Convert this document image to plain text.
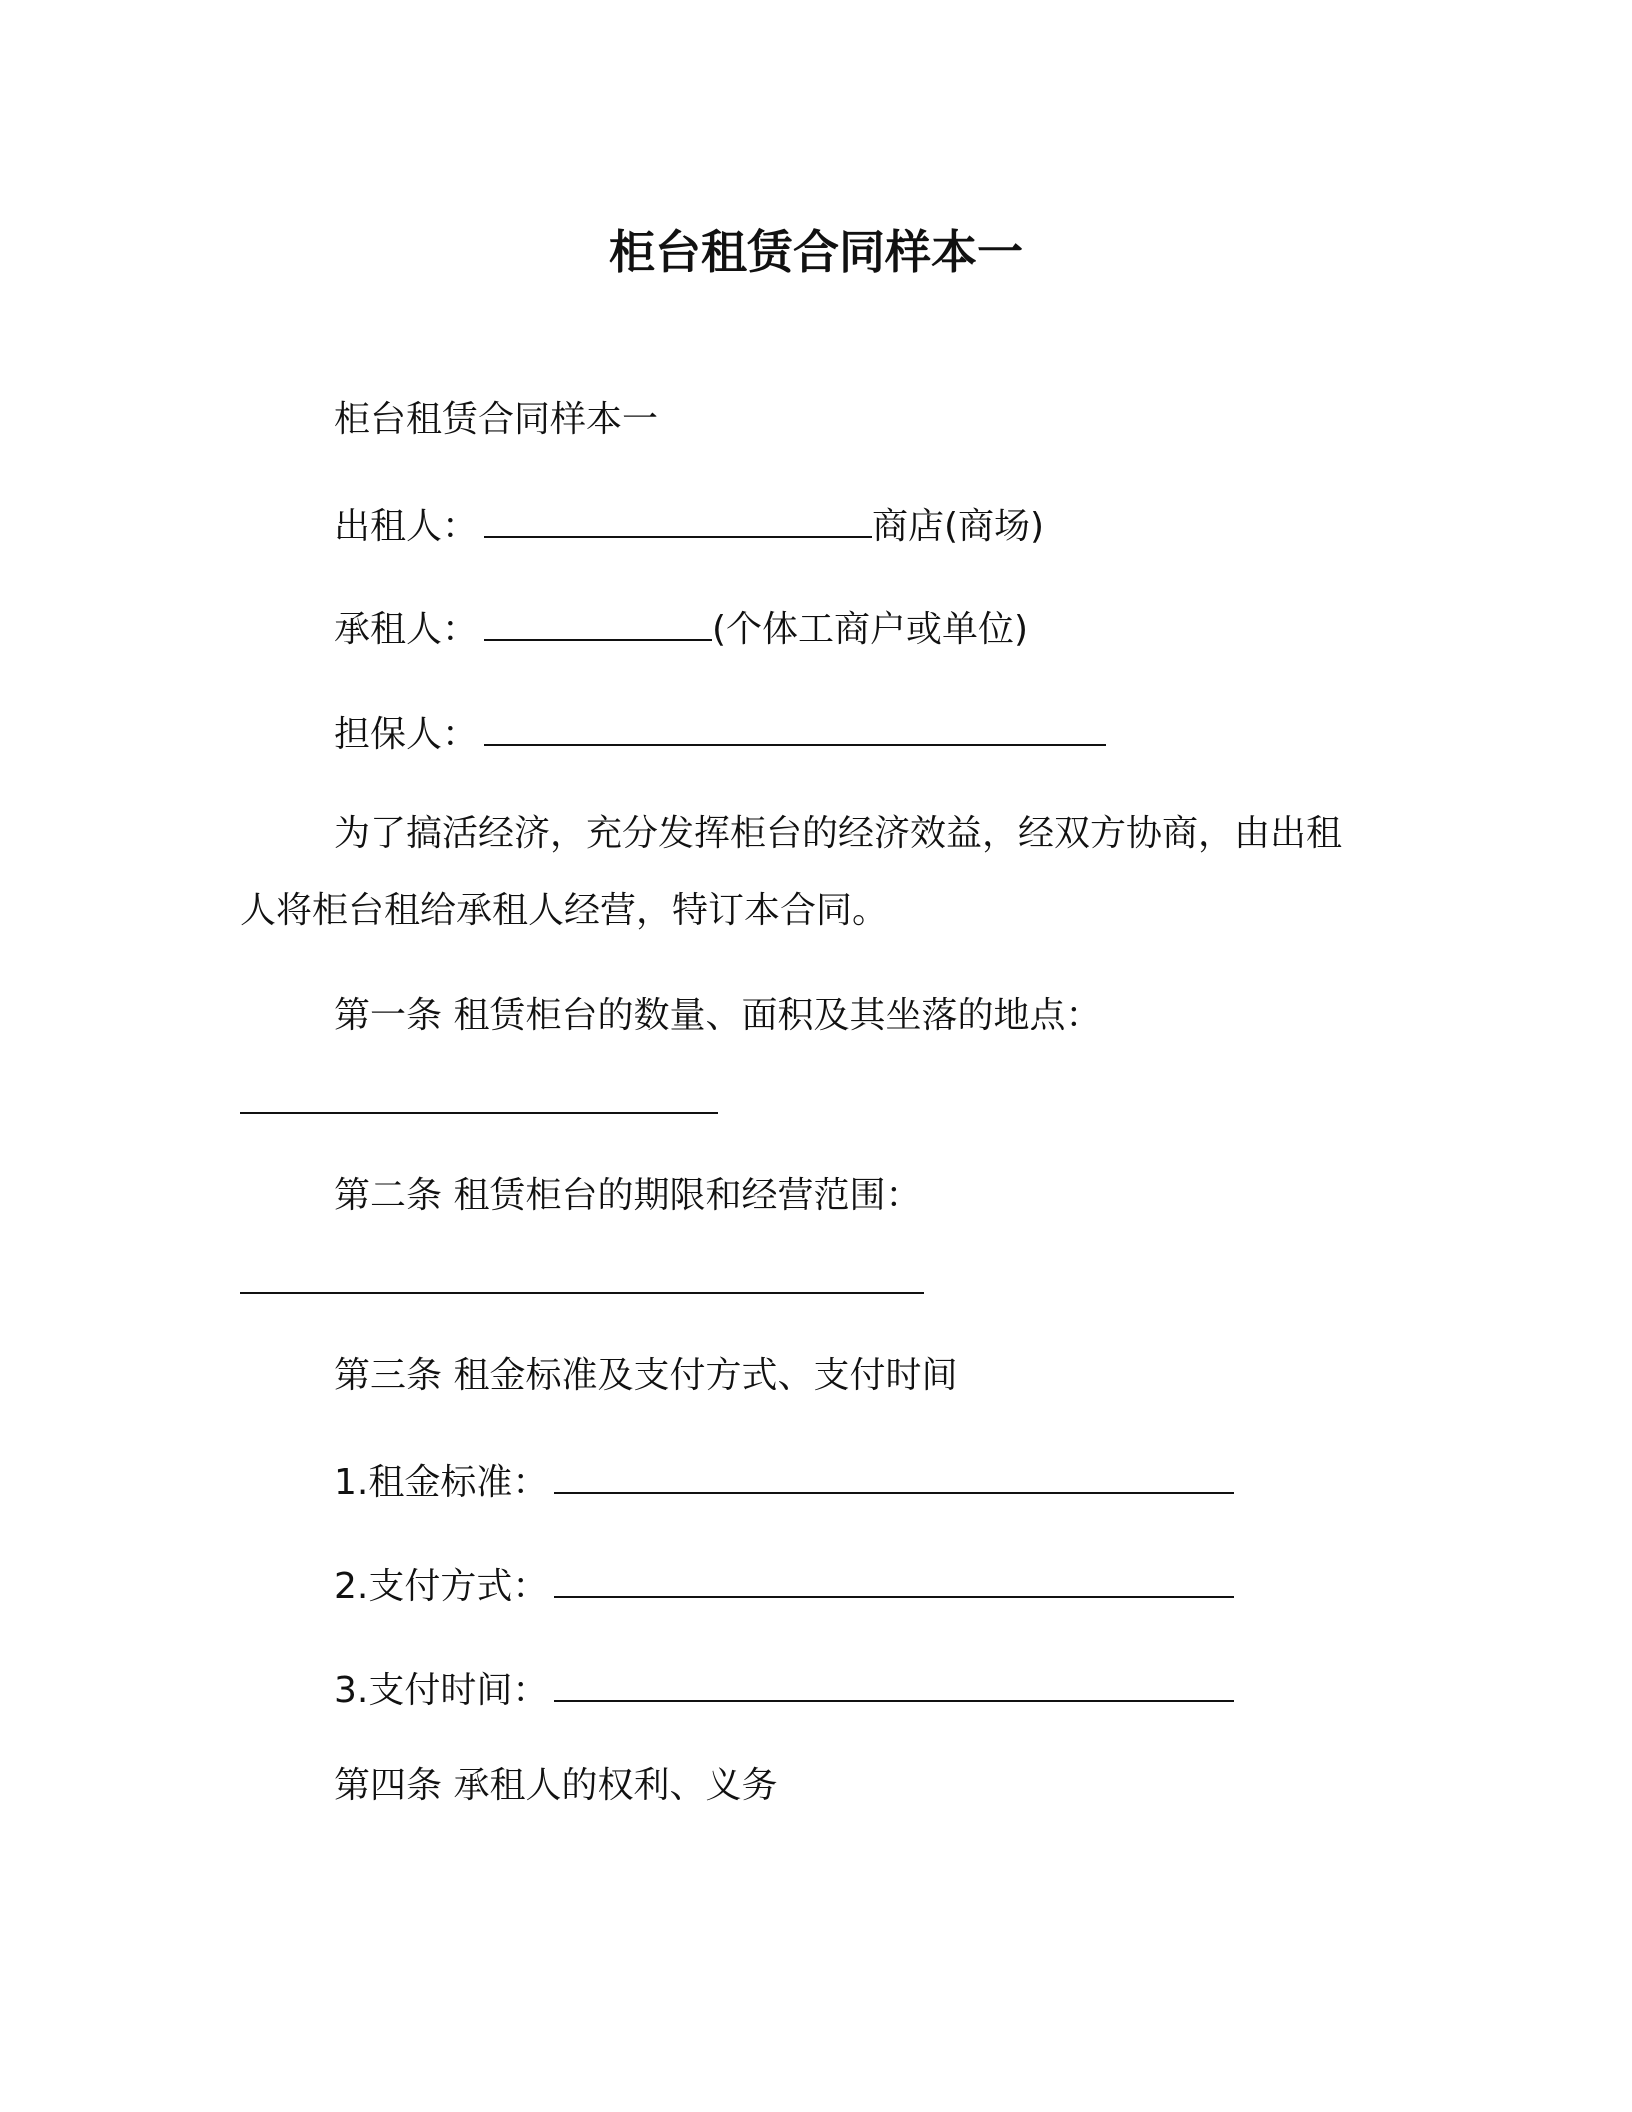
柜台租赁合同样本一
柜台租赁合同样本一
出租人：	商店(商场)
承租人：	(个体工商户或单位)
担保人：
为了搞活经济，充分发挥柜台的经济效益，经双方协商，由出租
人将柜台租给承租人经营，特订本合同。
第一条 租赁柜台的数量、面积及其坐落的地点：
第二条 租赁柜台的期限和经营范围：
第三条 租金标准及支付方式、支付时间
1.租金标准：
2.支付方式：
3.支付时间：
第四条 承租人的权利、义务
